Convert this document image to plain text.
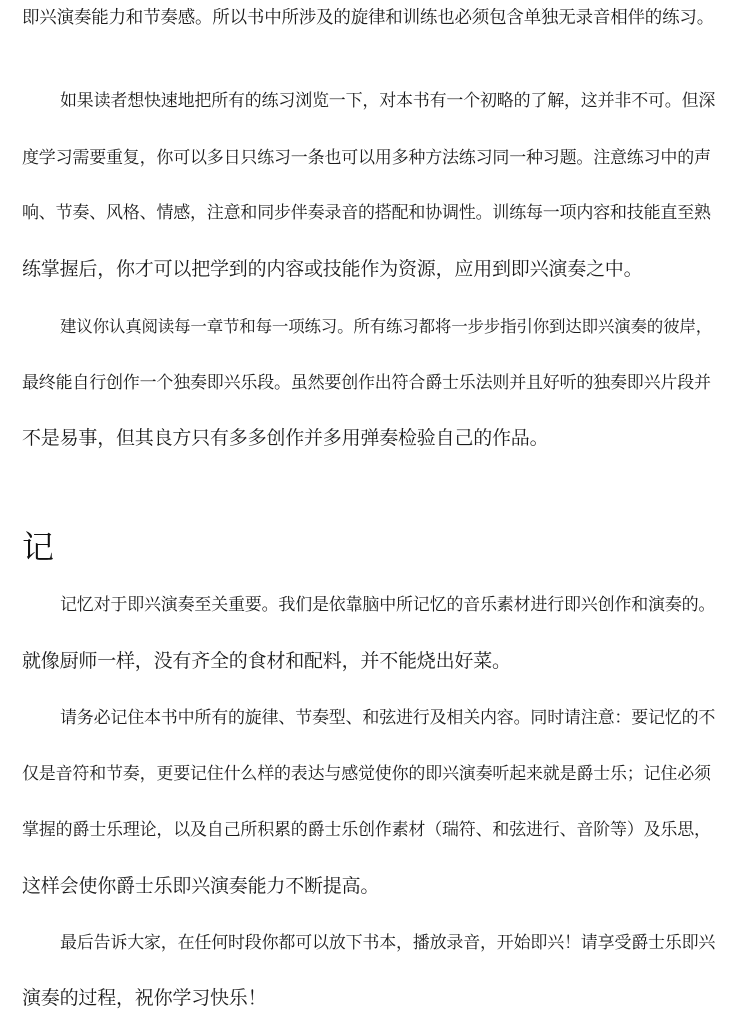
即兴演奏能力和节奏感。所以书中所涉及的旋律和训练也必须包含单独无录音相伴的练习。
如果读者想快速地把所有的练习浏览一下，对本书有一个初略的了解，这并非不可。但深
度学习需要重复，你可以多日只练习一条也可以用多种方法练习同一种习题。注意练习中的声
响、节奏、风格、情感，注意和同步伴奏录音的搭配和协调性。训练每一项内容和技能直至熟
练掌握后，你才可以把学到的内容或技能作为资源，应用到即兴演奏之中。
建议你认真阅读每一章节和每一项练习。所有练习都将一步步指引你到达即兴演奏的彼岸，
最终能自行创作一个独奏即兴乐段。虽然要创作出符合爵士乐法则并且好听的独奏即兴片段并
不是易事，但其良方只有多多创作并多用弹奏检验自己的作品。
记
记忆对于即兴演奏至关重要。我们是依靠脑中所记忆的音乐素材进行即兴创作和演奏的。
就像厨师一样，没有齐全的食材和配料，并不能烧出好菜。
请务必记住本书中所有的旋律、节奏型、和弦进行及相关内容。同时请注意：要记忆的不
仅是音符和节奏，更要记住什么样的表达与感觉使你的即兴演奏听起来就是爵士乐；记住必须
掌握的爵士乐理论，以及自己所积累的爵士乐创作素材（瑞符、和弦进行、音阶等）及乐思，
这样会使你爵士乐即兴演奏能力不断提高。
最后告诉大家，在任何时段你都可以放下书本，播放录音，开始即兴！请享受爵士乐即兴
演奏的过程，祝你学习快乐！
